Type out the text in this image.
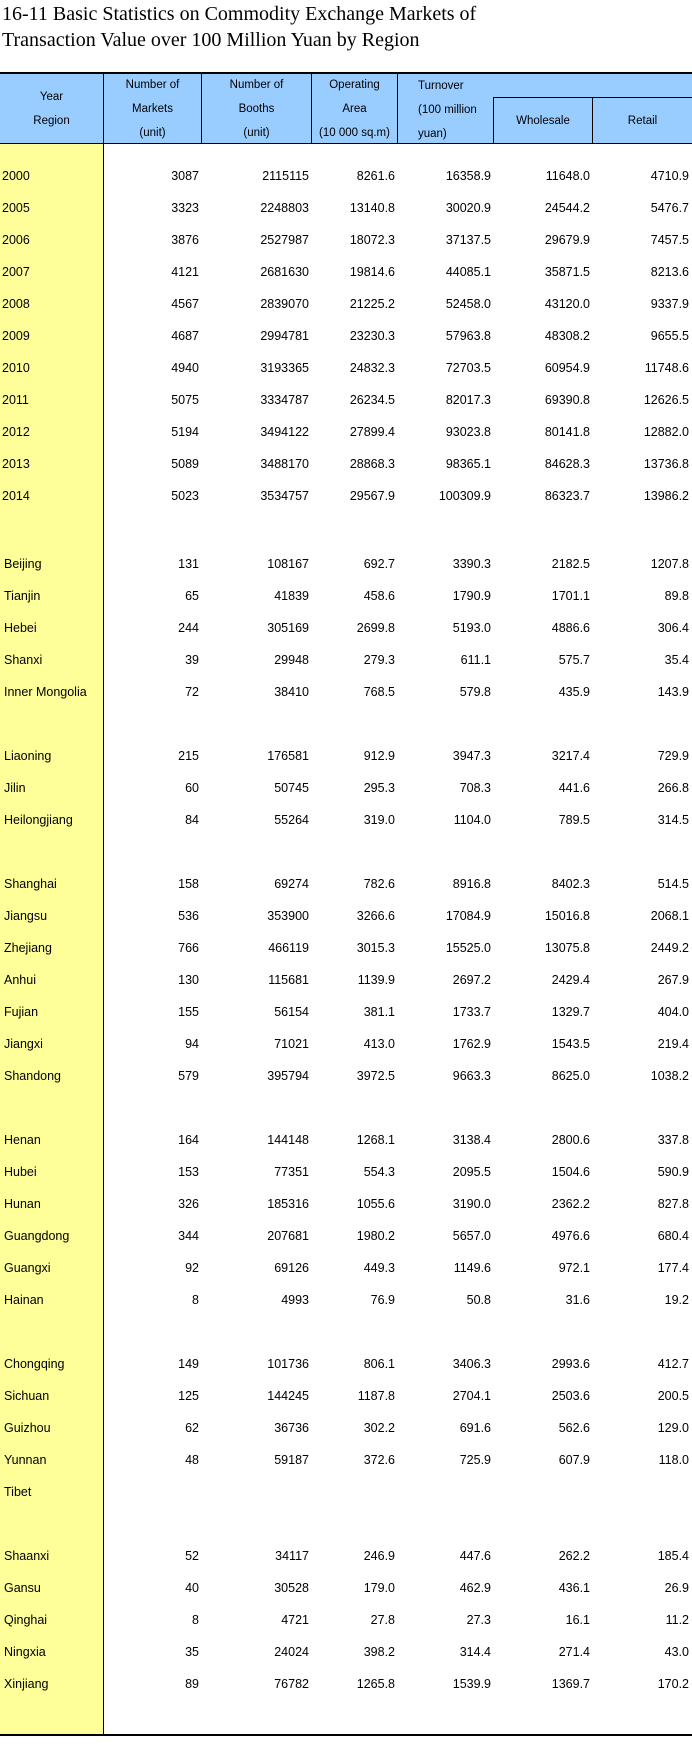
16-11 Basic Statistics on Commodity Exchange Markets of
Transaction Value over 100 Million Yuan by Region
Year
Region
Number of
Markets
(unit)
Number of
Booths
(unit)
Operating
Area
(10 000 sq.m)
Turnover
(100 million
yuan)
Wholesale	Retail
2000	3087	2115115	8261.6	16358.9	11648.0	4710.9
2005	3323	2248803	13140.8	30020.9	24544.2	5476.7
2006	3876	2527987	18072.3	37137.5	29679.9	7457.5
2007	4121	2681630	19814.6	44085.1	35871.5	8213.6
2008	4567	2839070	21225.2	52458.0	43120.0	9337.9
2009	4687	2994781	23230.3	57963.8	48308.2	9655.5
2010	4940	3193365	24832.3	72703.5	60954.9	11748.6
2011	5075	3334787	26234.5	82017.3	69390.8	12626.5
2012	5194	3494122	27899.4	93023.8	80141.8	12882.0
2013	5089	3488170	28868.3	98365.1	84628.3	13736.8
2014	5023	3534757	29567.9	100309.9	86323.7	13986.2
Beijing	131	108167	692.7	3390.3	2182.5	1207.8
Tianjin	65	41839	458.6	1790.9	1701.1	89.8
Hebei	244	305169	2699.8	5193.0	4886.6	306.4
Shanxi	39	29948	279.3	611.1	575.7	35.4
Inner Mongolia	72	38410	768.5	579.8	435.9	143.9
Liaoning	215	176581	912.9	3947.3	3217.4	729.9
Jilin	60	50745	295.3	708.3	441.6	266.8
Heilongjiang	84	55264	319.0	1104.0	789.5	314.5
Shanghai	158	69274	782.6	8916.8	8402.3	514.5
Jiangsu	536	353900	3266.6	17084.9	15016.8	2068.1
Zhejiang	766	466119	3015.3	15525.0	13075.8	2449.2
Anhui	130	115681	1139.9	2697.2	2429.4	267.9
Fujian	155	56154	381.1	1733.7	1329.7	404.0
Jiangxi	94	71021	413.0	1762.9	1543.5	219.4
Shandong	579	395794	3972.5	9663.3	8625.0	1038.2
Henan	164	144148	1268.1	3138.4	2800.6	337.8
Hubei	153	77351	554.3	2095.5	1504.6	590.9
Hunan	326	185316	1055.6	3190.0	2362.2	827.8
Guangdong	344	207681	1980.2	5657.0	4976.6	680.4
Guangxi	92	69126	449.3	1149.6	972.1	177.4
Hainan	8	4993	76.9	50.8	31.6	19.2
Chongqing	149	101736	806.1	3406.3	2993.6	412.7
Sichuan	125	144245	1187.8	2704.1	2503.6	200.5
Guizhou	62	36736	302.2	691.6	562.6	129.0
Yunnan	48	59187	372.6	725.9	607.9	118.0
Tibet
Shaanxi	52	34117	246.9	447.6	262.2	185.4
Gansu	40	30528	179.0	462.9	436.1	26.9
Qinghai	8	4721	27.8	27.3	16.1	11.2
Ningxia	35	24024	398.2	314.4	271.4	43.0
Xinjiang	89	76782	1265.8	1539.9	1369.7	170.2
